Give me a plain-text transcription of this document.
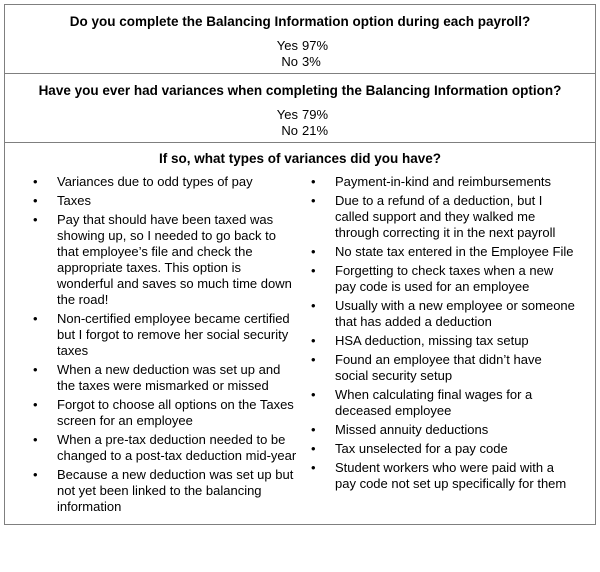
Do you complete the Balancing Information option during each payroll?
Yes 97%
No 3%
Have you ever had variances when completing the Balancing Information option?
Yes 79%
No 21%
If so, what types of variances did you have?
• Variances due to odd types of pay
• Taxes
• Pay that should have been taxed was showing up, so I needed to go back to that employee’s file and check the appropriate taxes. This option is wonderful and saves so much time down the road!
• Non-certified employee became certified but I forgot to remove her social security taxes
• When a new deduction was set up and the taxes were mismarked or missed
• Forgot to choose all options on the Taxes screen for an employee
• When a pre-tax deduction needed to be changed to a post-tax deduction mid-year
• Because a new deduction was set up but not yet been linked to the balancing information
• Payment-in-kind and reimbursements
• Due to a refund of a deduction, but I called support and they walked me through correcting it in the next payroll
• No state tax entered in the Employee File
• Forgetting to check taxes when a new pay code is used for an employee
• Usually with a new employee or someone that has added a deduction
• HSA deduction, missing tax setup
• Found an employee that didn’t have social security setup
• When calculating final wages for a deceased employee
• Missed annuity deductions
• Tax unselected for a pay code
• Student workers who were paid with a pay code not set up specifically for them
